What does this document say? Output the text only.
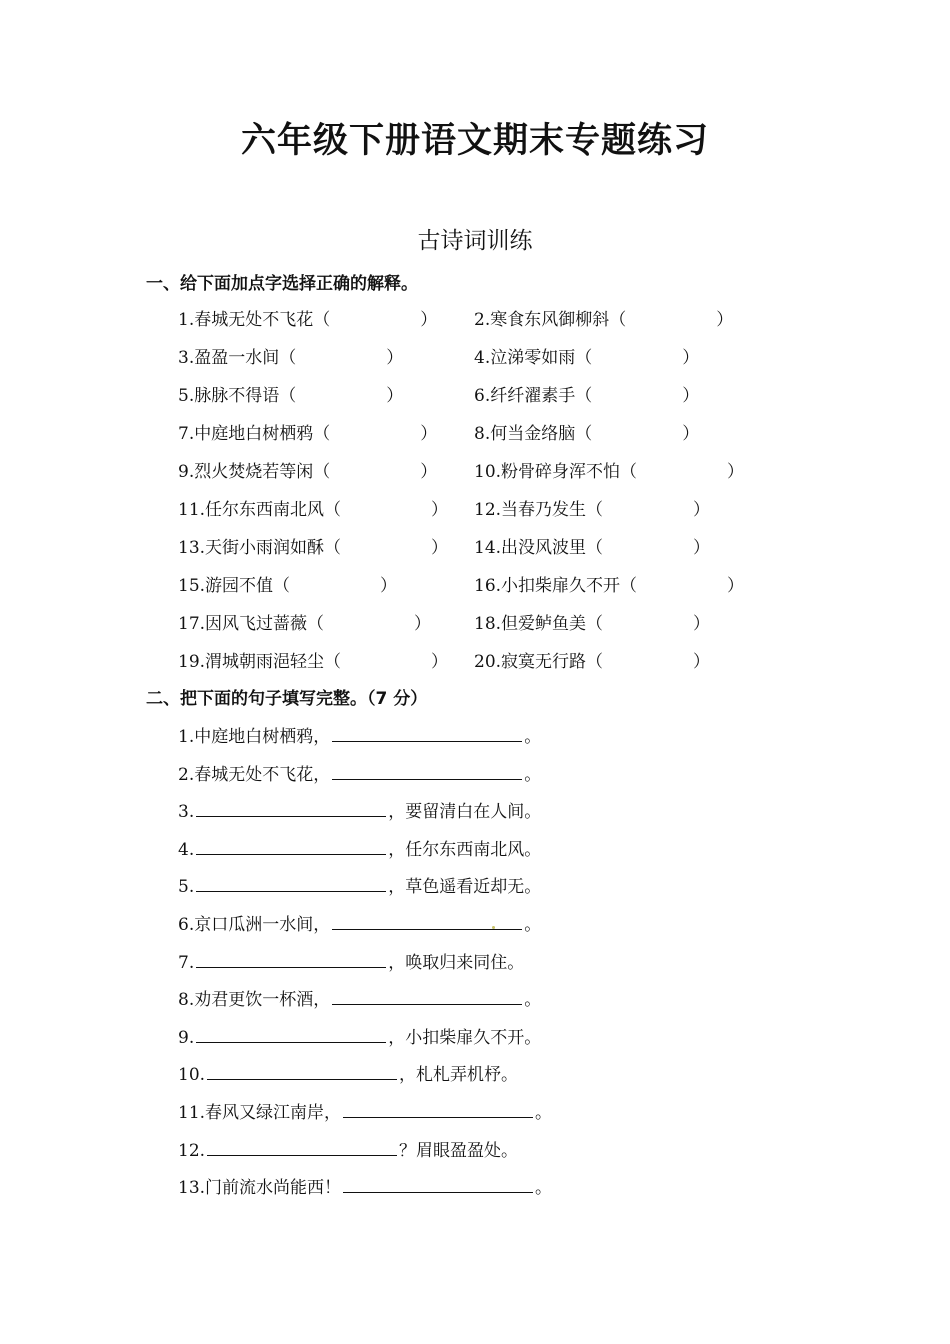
六年级下册语文期末专题练习
古诗词训练
一、给下面加点字选择正确的解释。
1.春城无处不飞花（	） 2.寒食东风御柳斜（	）
3.盈盈一水间（	）	4.泣涕零如雨（	）
5.脉脉不得语（	）	6.纤纤濯素手（	）
7.中庭地白树栖鸦（	） 8.何当金络脑（	）
9.烈火焚烧若等闲（	） 10.粉骨碎身浑不怕（	）
11.任尔东西南北风（	） 12.当春乃发生（	）
13.天街小雨润如酥（	） 14.出没风波里（	）
15.游园不值（	）	16.小扣柴扉久不开（	）
17.因风飞过蔷薇（	）	18.但爱鲈鱼美（	）
19.渭城朝雨浥轻尘（	） 20.寂寞无行路（	）
二、把下面的句子填写完整。（7 分）
1.中庭地白树栖鸦，	。
2.春城无处不飞花，	。
3.	，要留清白在人间。
4.	，任尔东西南北风。
5.	，草色遥看近却无。
6.京口瓜洲一水间，	。
7.	，唤取归来同住。
8.劝君更饮一杯酒，	。
9.	，小扣柴扉久不开。
10.	，札札弄机杼。
11.春风又绿江南岸，	。
12.	？眉眼盈盈处。
13.门前流水尚能西！	。
